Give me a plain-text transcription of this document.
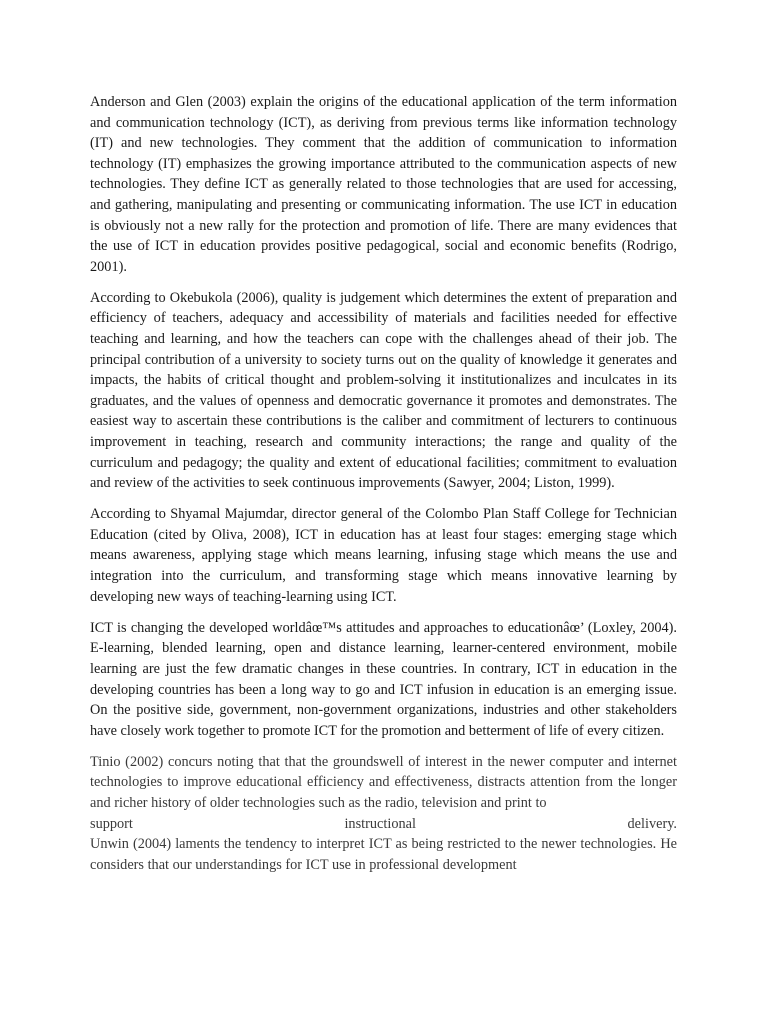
Anderson and Glen (2003) explain the origins of the educational application of the term information and communication technology (ICT), as deriving from previous terms like information technology (IT) and new technologies. They comment that the addition of communication to information technology (IT) emphasizes the growing importance attributed to the communication aspects of new technologies. They define ICT as generally related to those technologies that are used for accessing, and gathering, manipulating and presenting or communicating information. The use ICT in education is obviously not a new rally for the protection and promotion of life. There are many evidences that the use of ICT in education provides positive pedagogical, social and economic benefits (Rodrigo, 2001).

According to Okebukola (2006), quality is judgement which determines the extent of preparation and efficiency of teachers, adequacy and accessibility of materials and facilities needed for effective teaching and learning, and how the teachers can cope with the challenges ahead of their job. The principal contribution of a university to society turns out on the quality of knowledge it generates and impacts, the habits of critical thought and problem-solving it institutionalizes and inculcates in its graduates, and the values of openness and democratic governance it promotes and demonstrates. The easiest way to ascertain these contributions is the caliber and commitment of lecturers to continuous improvement in teaching, research and community interactions; the range and quality of the curriculum and pedagogy; the quality and extent of educational facilities; commitment to evaluation and review of the activities to seek continuous improvements (Sawyer, 2004; Liston, 1999).

According to Shyamal Majumdar, director general of the Colombo Plan Staff College for Technician Education (cited by Oliva, 2008), ICT in education has at least four stages: emerging stage which means awareness, applying stage which means learning, infusing stage which means the use and integration into the curriculum, and transforming stage which means innovative learning by developing new ways of teaching-learning using ICT.

ICT is changing the developed worldâœ™s attitudes and approaches to educationâœ’ (Loxley, 2004). E-learning, blended learning, open and distance learning, learner-centered environment, mobile learning are just the few dramatic changes in these countries. In contrary, ICT in education in the developing countries has been a long way to go and ICT infusion in education is an emerging issue. On the positive side, government, non-government organizations, industries and other stakeholders have closely work together to promote ICT for the promotion and betterment of life of every citizen.

Tinio (2002) concurs noting that that the groundswell of interest in the newer computer and internet technologies to improve educational efficiency and effectiveness, distracts attention from the longer and richer history of older technologies such as the radio, television and print to
support instructional delivery.
Unwin (2004) laments the tendency to interpret ICT as being restricted to the newer technologies. He considers that our understandings for ICT use in professional development
